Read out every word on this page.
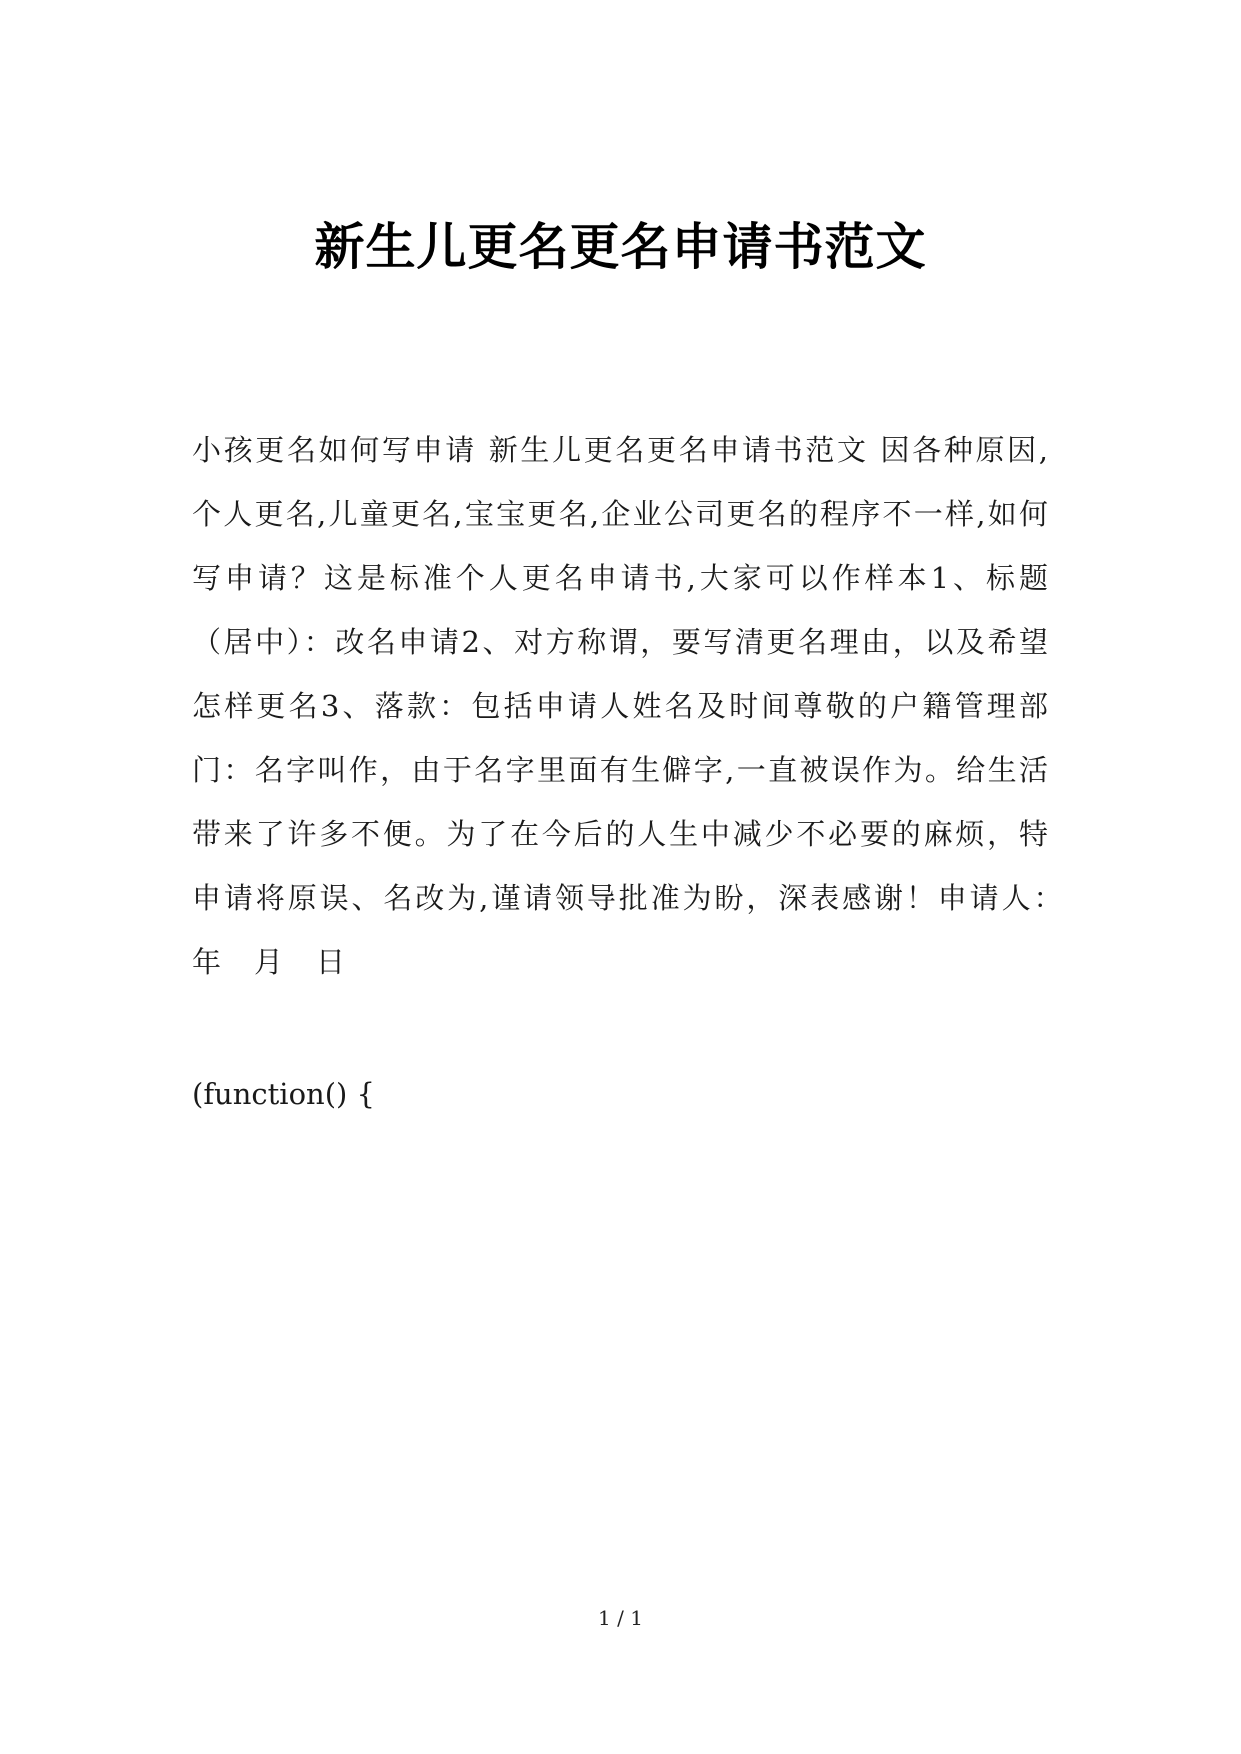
新生儿更名更名申请书范文

小孩更名如何写申请 新生儿更名更名申请书范文 因各种原因,个人更名,儿童更名,宝宝更名,企业公司更名的程序不一样,如何写申请？这是标准个人更名申请书,大家可以作样本1、标题（居中）：改名申请2、对方称谓，要写清更名理由，以及希望怎样更名3、落款：包括申请人姓名及时间尊敬的户籍管理部门：名字叫作，由于名字里面有生僻字,一直被误作为。给生活带来了许多不便。为了在今后的人生中减少不必要的麻烦，特申请将原误、名改为,谨请领导批准为盼，深表感谢！申请人：　年　月　日

(function() {

1 / 1
